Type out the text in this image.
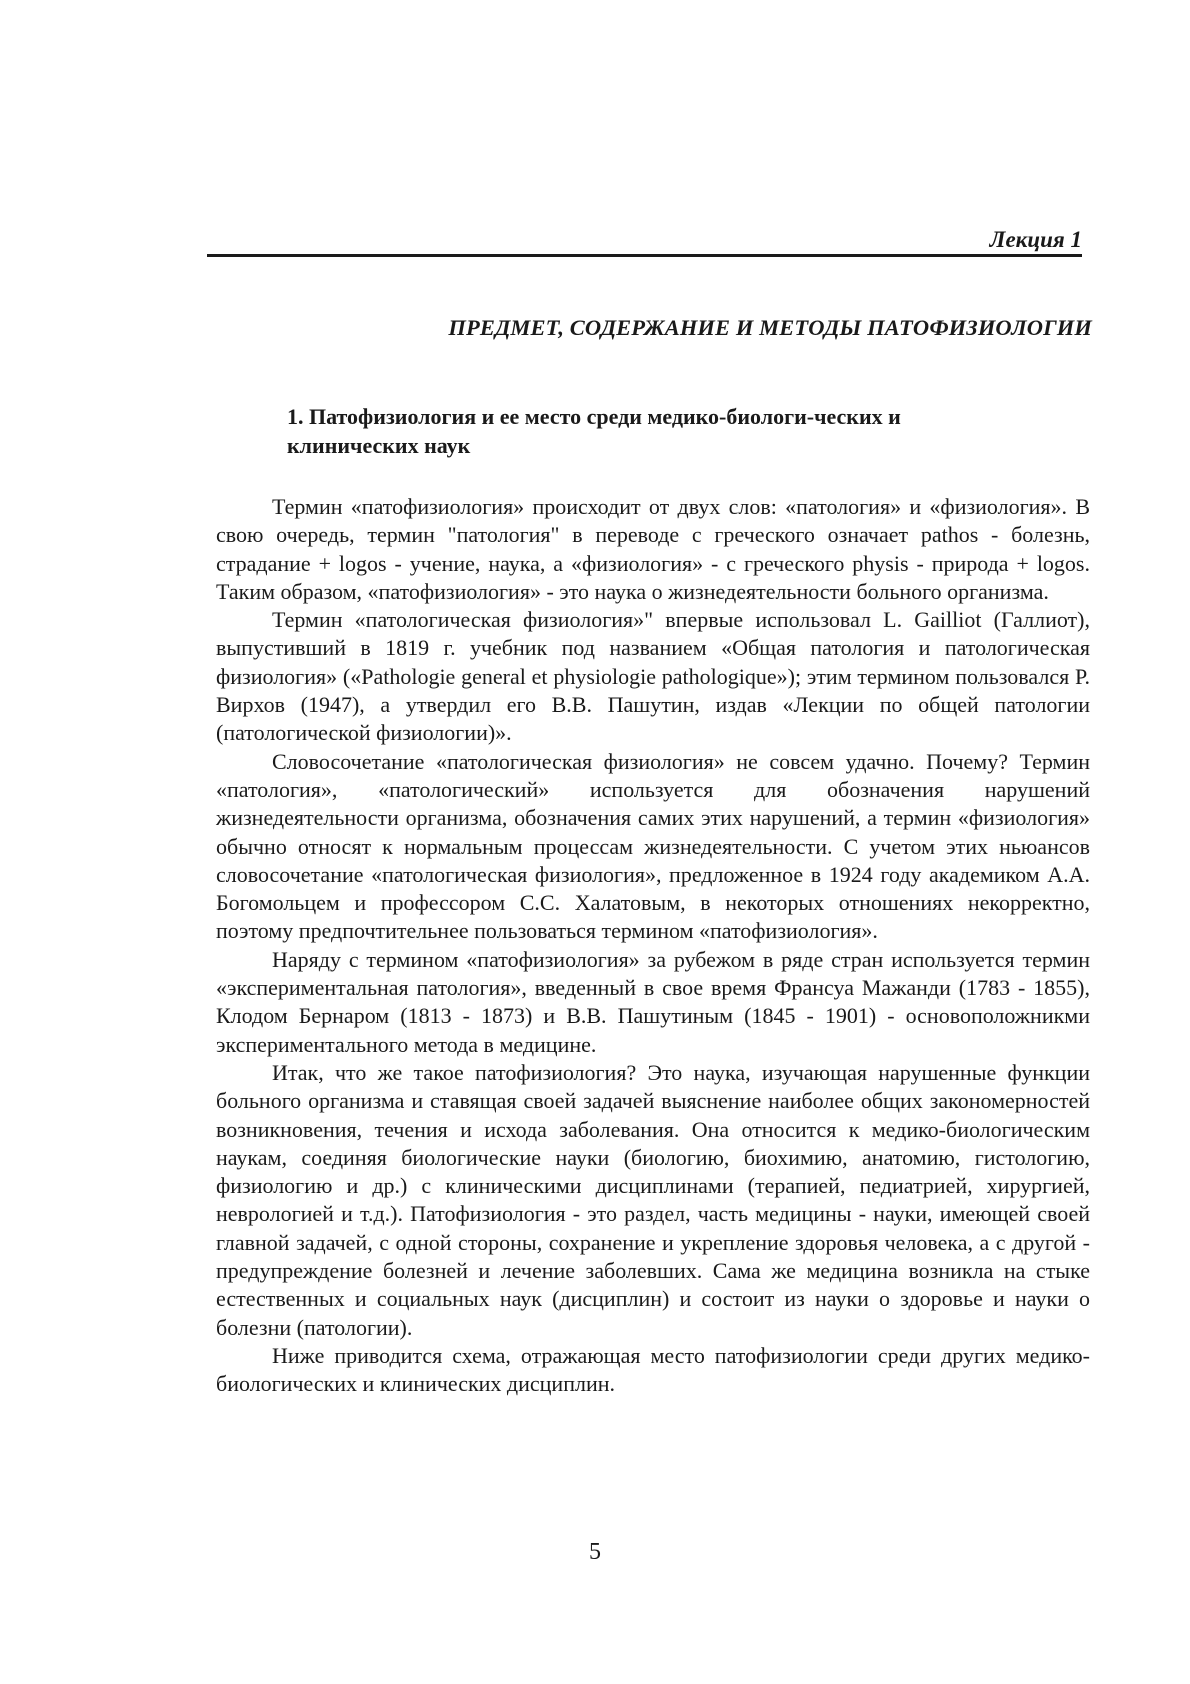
Лекция 1
ПРЕДМЕТ, СОДЕРЖАНИЕ И МЕТОДЫ ПАТОФИЗИОЛОГИИ
1. Патофизиология и ее место среди медико-биологи-ческих и
клинических наук

Термин «патофизиология» происходит от двух слов: «патология» и «физиология». В свою очередь, термин "патология" в переводе с греческого означает pathos - болезнь, страдание + logos - учение, наука, а «физиология» - с греческого physis - природа + logos. Таким образом, «патофизиология» - это наука о жизнедеятельности больного организма.

Термин «патологическая физиология»" впервые использовал L. Gailliot (Галлиот), выпустивший в 1819 г. учебник под названием «Общая патология и патологическая физиология» («Pathologie general et physiologie pathologique»); этим термином пользовался Р. Вирхов (1947), а утвердил его В.В. Пашутин, издав «Лекции по общей патологии (патологической физиологии)».

Словосочетание «патологическая физиология» не совсем удачно. Почему? Термин «патология», «патологический» используется для обозначения нарушений жизнедеятельности организма, обозначения самих этих нарушений, а термин «физиология» обычно относят к нормальным процессам жизнедеятельности. С учетом этих ньюансов словосочетание «патологическая физиология», предложенное в 1924 году академиком А.А. Богомольцем и профессором С.С. Халатовым, в некоторых отношениях некорректно, поэтому предпочтительнее пользоваться термином «патофизиология».

Наряду с термином «патофизиология» за рубежом в ряде стран используется термин «экспериментальная патология», введенный в свое время Франсуа Мажанди (1783 - 1855), Клодом Бернаром (1813 - 1873) и В.В. Пашутиным (1845 - 1901) - основоположникми экспериментального метода в медицине.

Итак, что же такое патофизиология? Это наука, изучающая нарушенные функции больного организма и ставящая своей задачей выяснение наиболее общих закономерностей возникновения, течения и исхода заболевания. Она относится к медико-биологическим наукам, соединяя биологические науки (биологию, биохимию, анатомию, гистологию, физиологию и др.) с клиническими дисциплинами (терапией, педиатрией, хирургией, неврологией и т.д.). Патофизиология - это раздел, часть медицины - науки, имеющей своей главной задачей, с одной стороны, сохранение и укрепление здоровья человека, а с другой - предупреждение болезней и лечение заболевших. Сама же медицина возникла на стыке естественных и социальных наук (дисциплин) и состоит из науки о здоровье и науки о болезни (патологии).

Ниже приводится схема, отражающая место патофизиологии среди других медико-биологических и клинических дисциплин.

5
